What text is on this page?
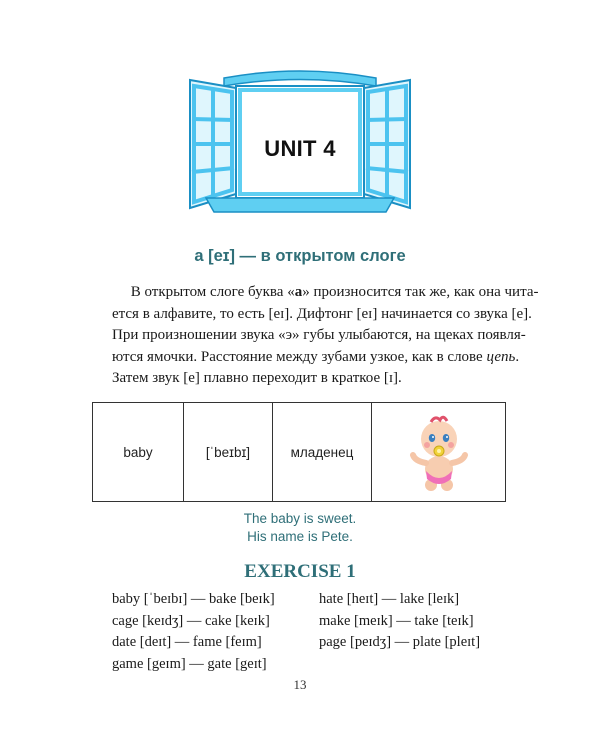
UNIT 4
a [eɪ] — в открытом слоге
В открытом слоге буква «a» произносится так же, как она чита-
ется в алфавите, то есть [eɪ]. Дифтонг [eɪ] начинается со звука [e].
При произношении звука «э» губы улыбаются, на щеках появля-
ются ямочки. Расстояние между зубами узкое, как в слове цепь.
Затем звук [e] плавно переходит в краткое [ɪ].
baby	[ˈbeɪbɪ]	младенец	
The baby is sweet.
His name is Pete.
EXERCISE 1
baby [ˈbeɪbɪ] — bake [beɪk]
cage [keɪdʒ] — cake [keɪk]
date [deɪt] — fame [feɪm]
game [geɪm] — gate [geɪt]
hate [heɪt] — lake [leɪk]
make [meɪk] — take [teɪk]
page [peɪdʒ] — plate [pleɪt]
13
